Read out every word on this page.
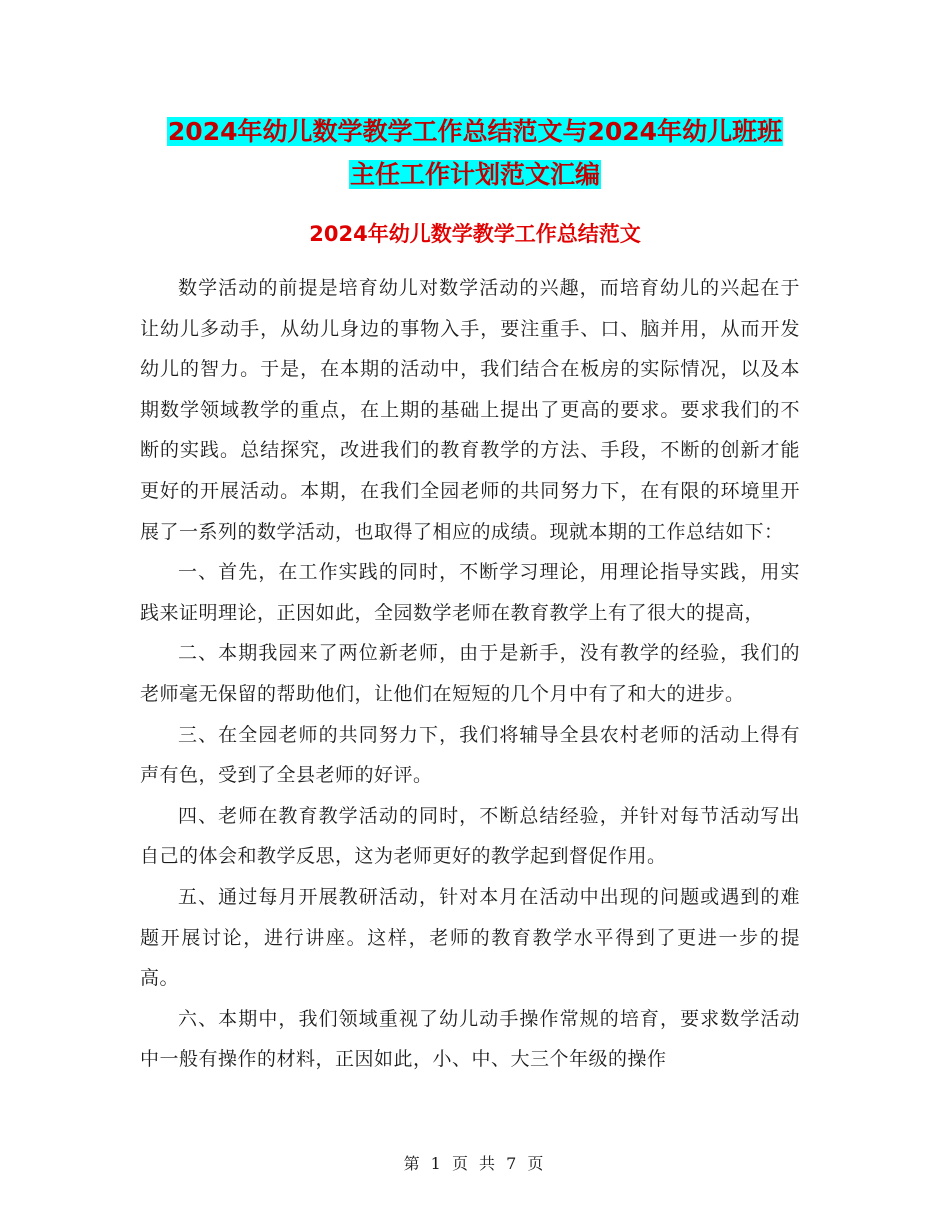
2024年幼儿数学教学工作总结范文与2024年幼儿班班
主任工作计划范文汇编
2024年幼儿数学教学工作总结范文

数学活动的前提是培育幼儿对数学活动的兴趣，而培育幼儿的兴起在于让幼儿多动手，从幼儿身边的事物入手，要注重手、口、脑并用，从而开发幼儿的智力。于是，在本期的活动中，我们结合在板房的实际情况，以及本期数学领域教学的重点，在上期的基础上提出了更高的要求。要求我们的不断的实践。总结探究，改进我们的教育教学的方法、手段，不断的创新才能更好的开展活动。本期，在我们全园老师的共同努力下，在有限的环境里开展了一系列的数学活动，也取得了相应的成绩。现就本期的工作总结如下：

一、首先，在工作实践的同时，不断学习理论，用理论指导实践，用实践来证明理论，正因如此，全园数学老师在教育教学上有了很大的提高，

二、本期我园来了两位新老师，由于是新手，没有教学的经验，我们的老师毫无保留的帮助他们，让他们在短短的几个月中有了和大的进步。

三、在全园老师的共同努力下，我们将辅导全县农村老师的活动上得有声有色，受到了全县老师的好评。

四、老师在教育教学活动的同时，不断总结经验，并针对每节活动写出自己的体会和教学反思，这为老师更好的教学起到督促作用。

五、通过每月开展教研活动，针对本月在活动中出现的问题或遇到的难题开展讨论，进行讲座。这样，老师的教育教学水平得到了更进一步的提高。

六、本期中，我们领域重视了幼儿动手操作常规的培育，要求数学活动中一般有操作的材料，正因如此，小、中、大三个年级的操作

第 1 页 共 7 页
